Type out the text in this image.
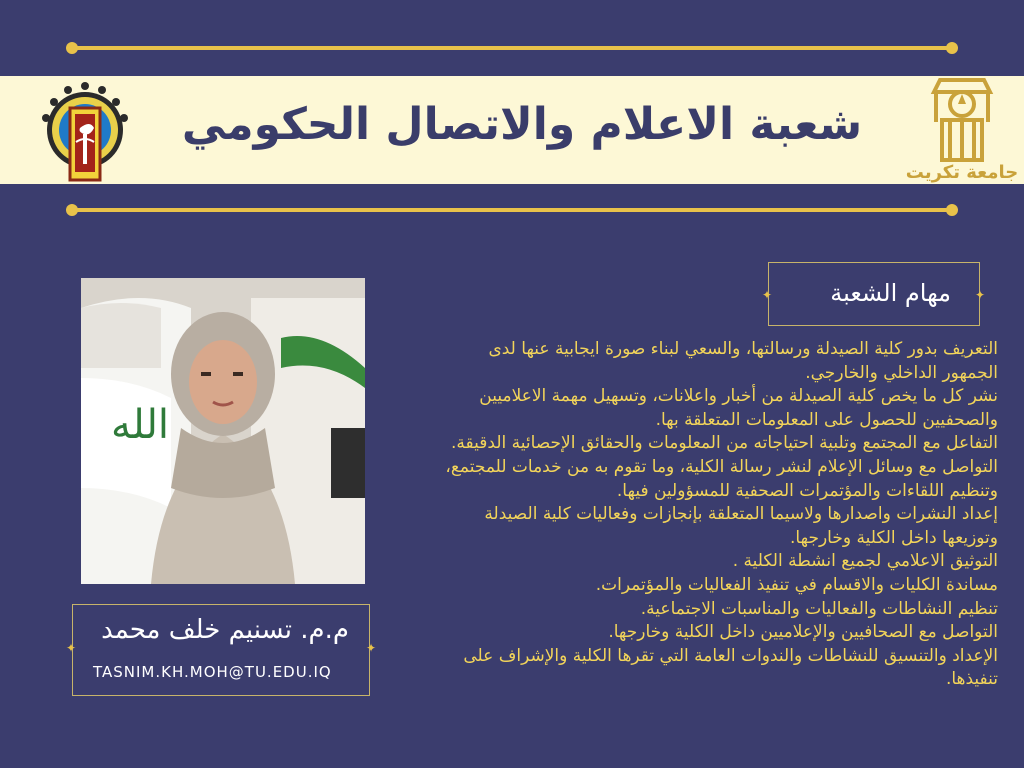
شعبة الاعلام والاتصال الحكومي
جامعة تكريت
الله
م.م. تسنيم خلف محمد
TASNIM.KH.MOH@TU.EDU.IQ
✦	✦
مهام الشعبة
✦	✦
التعريف بدور كلية الصيدلة ورسالتها، والسعي لبناء صورة ايجابية عنها لدى
الجمهور الداخلي والخارجي.
نشر كل ما يخص كلية الصيدلة من أخبار واعلانات، وتسهيل مهمة الاعلاميين
والصحفيين للحصول على المعلومات المتعلقة بها.
التفاعل مع المجتمع وتلبية احتياجاته من المعلومات والحقائق الإحصائية الدقيقة.
التواصل مع وسائل الإعلام لنشر رسالة الكلية، وما تقوم به من خدمات للمجتمع،
وتنظيم اللقاءات والمؤتمرات الصحفية للمسؤولين فيها.
إعداد النشرات واصدارها ولاسيما المتعلقة بإنجازات وفعاليات كلية الصيدلة
وتوزيعها داخل الكلية وخارجها.
التوثيق الاعلامي لجميع انشطة الكلية .
مساندة الكليات والاقسام في تنفيذ الفعاليات والمؤتمرات.
تنظيم النشاطات والفعاليات والمناسبات الاجتماعية.
التواصل مع الصحافيين والإعلاميين داخل الكلية وخارجها.
الإعداد والتنسيق للنشاطات والندوات العامة التي تقرها الكلية والإشراف على
تنفيذها.
